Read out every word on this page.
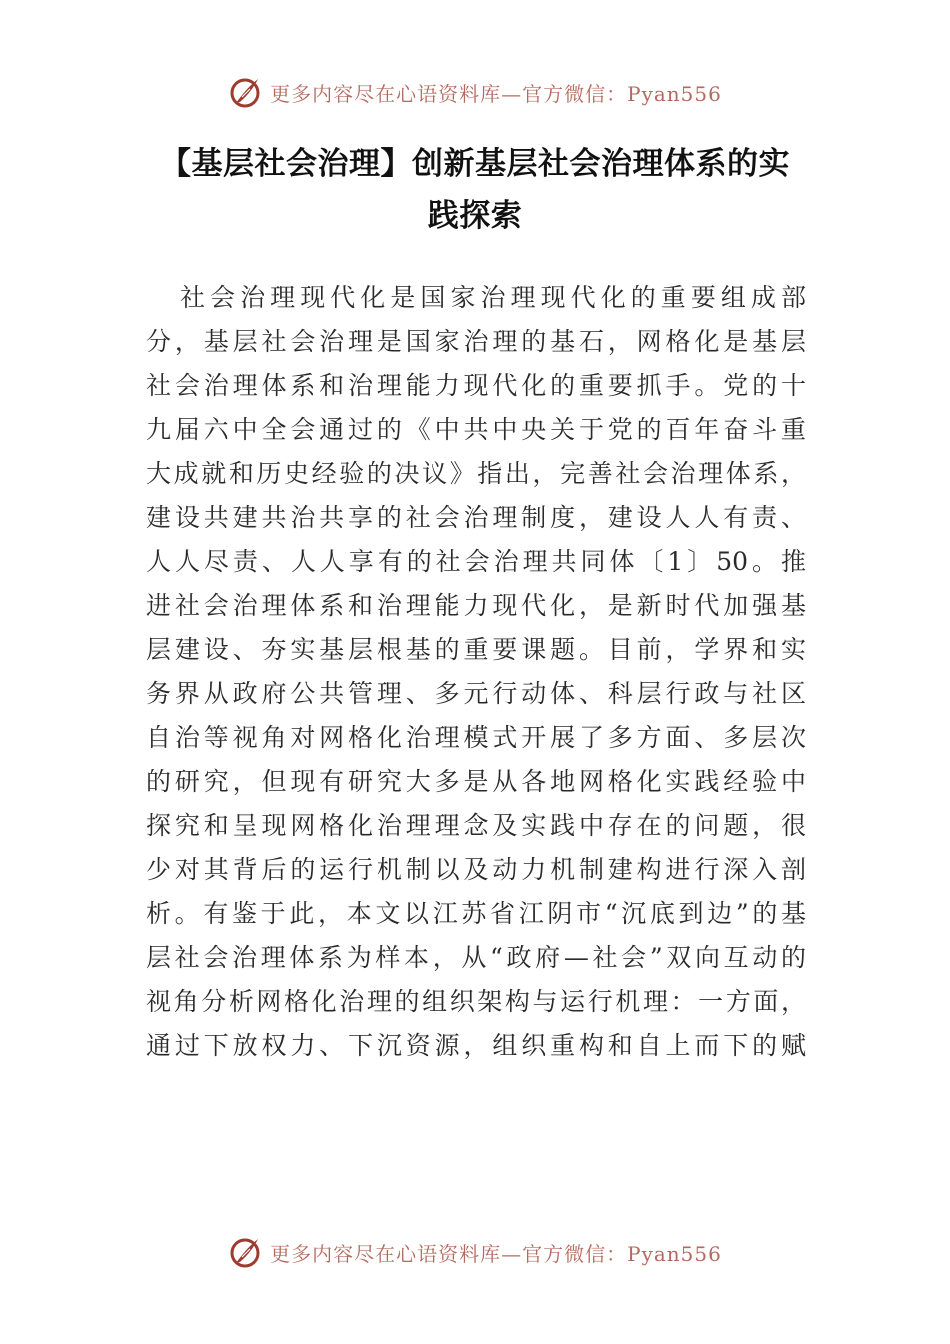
更多内容尽在心语资料库—官方微信：Pyan556
【基层社会治理】创新基层社会治理体系的实
践探索
社会治理现代化是国家治理现代化的重要组成部
分，基层社会治理是国家治理的基石，网格化是基层
社会治理体系和治理能力现代化的重要抓手。党的十
九届六中全会通过的《中共中央关于党的百年奋斗重
大成就和历史经验的决议》指出，完善社会治理体系，
建设共建共治共享的社会治理制度，建设人人有责、
人人尽责、人人享有的社会治理共同体〔1〕50。推
进社会治理体系和治理能力现代化，是新时代加强基
层建设、夯实基层根基的重要课题。目前，学界和实
务界从政府公共管理、多元行动体、科层行政与社区
自治等视角对网格化治理模式开展了多方面、多层次
的研究，但现有研究大多是从各地网格化实践经验中
探究和呈现网格化治理理念及实践中存在的问题，很
少对其背后的运行机制以及动力机制建构进行深入剖
析。有鉴于此，本文以江苏省江阴市“沉底到边”的基
层社会治理体系为样本，从“政府—社会”双向互动的
视角分析网格化治理的组织架构与运行机理：一方面，
通过下放权力、下沉资源，组织重构和自上而下的赋
更多内容尽在心语资料库—官方微信：Pyan556
